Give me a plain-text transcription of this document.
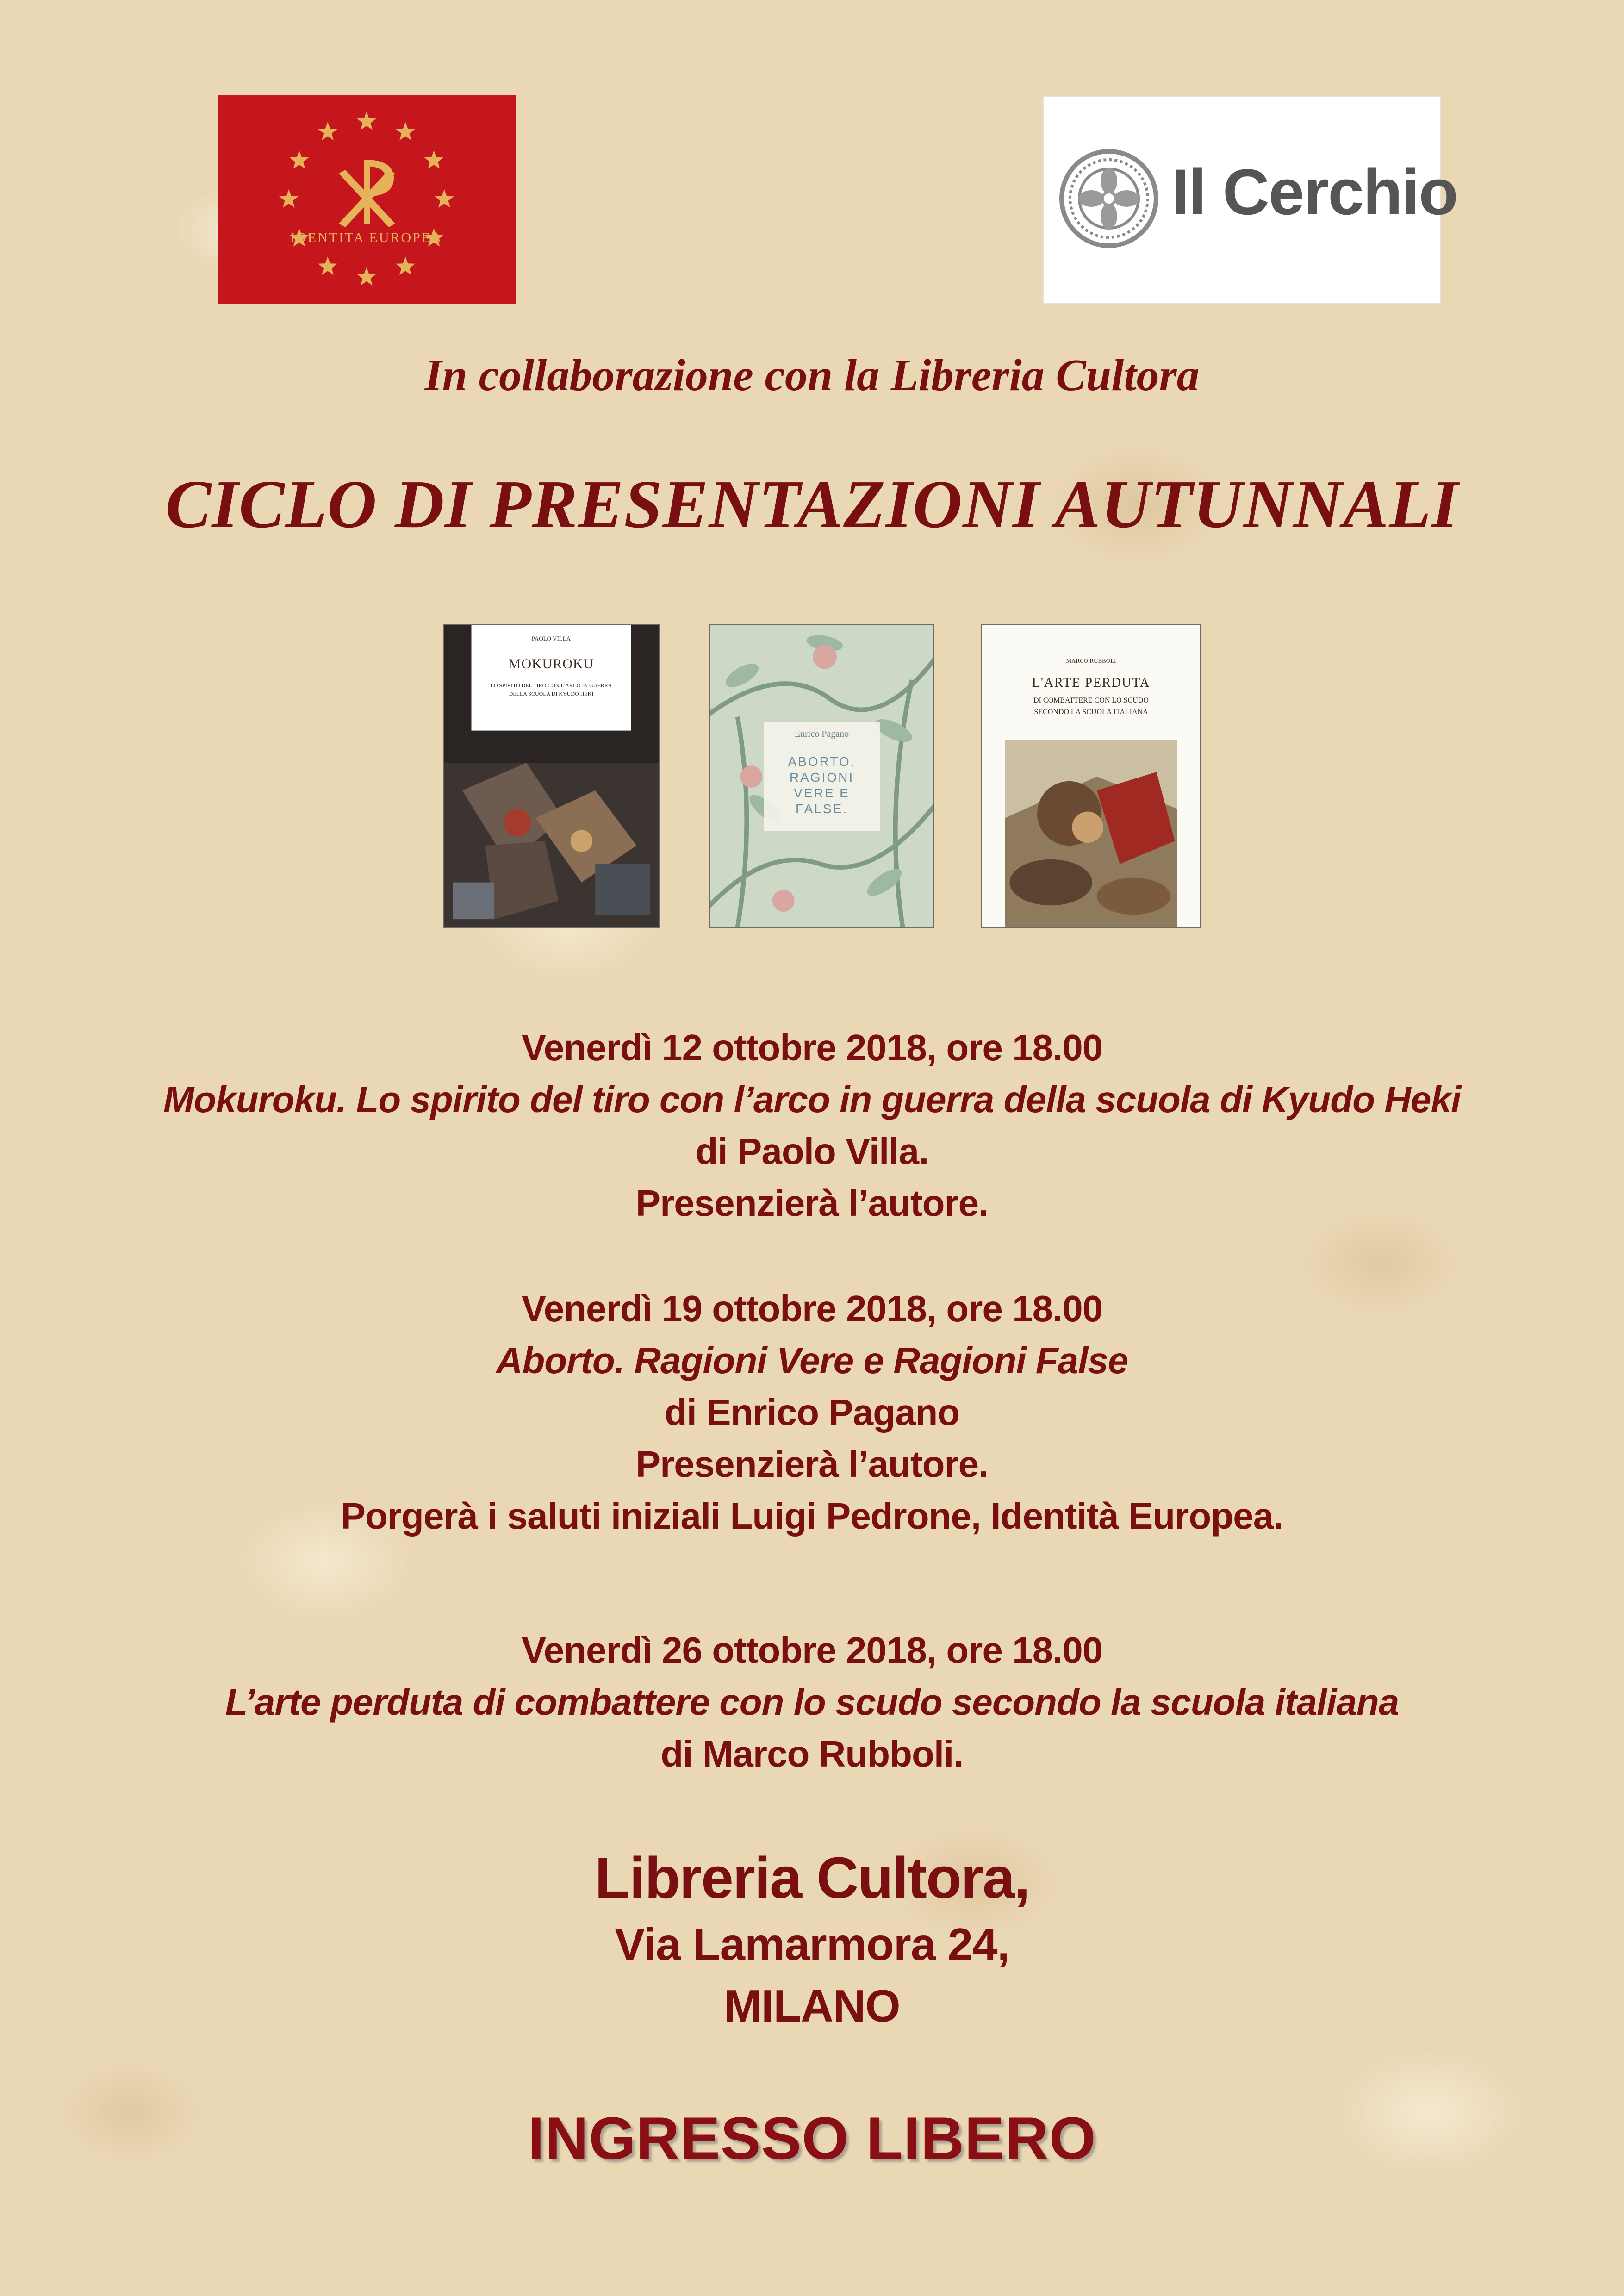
IDENTITA EUROPEA
Il Cerchio
In collaborazione con la Libreria Cultora
CICLO DI PRESENTAZIONI AUTUNNALI
PAOLO VILLA
MOKUROKU
LO SPIRITO DEL TIRO CON L'ARCO IN GUERRA
DELLA SCUOLA DI KYUDO HEKI
Enrico Pagano
ABORTO.
RAGIONI
VERE E
FALSE.
MARCO RUBBOLI
L'ARTE PERDUTA
DI COMBATTERE CON LO SCUDO
SECONDO LA SCUOLA ITALIANA
Venerdì 12 ottobre 2018, ore 18.00
Mokuroku. Lo spirito del tiro con l’arco in guerra della scuola di Kyudo Heki
di Paolo Villa.
Presenzierà l’autore.
Venerdì 19 ottobre 2018, ore 18.00
Aborto. Ragioni Vere e Ragioni False
di Enrico Pagano
Presenzierà l’autore.
Porgerà i saluti iniziali Luigi Pedrone, Identità Europea.
Venerdì 26 ottobre 2018, ore 18.00
L’arte perduta di combattere con lo scudo secondo la scuola italiana
di Marco Rubboli.
Libreria Cultora,
Via Lamarmora 24,
MILANO
INGRESSO LIBERO
